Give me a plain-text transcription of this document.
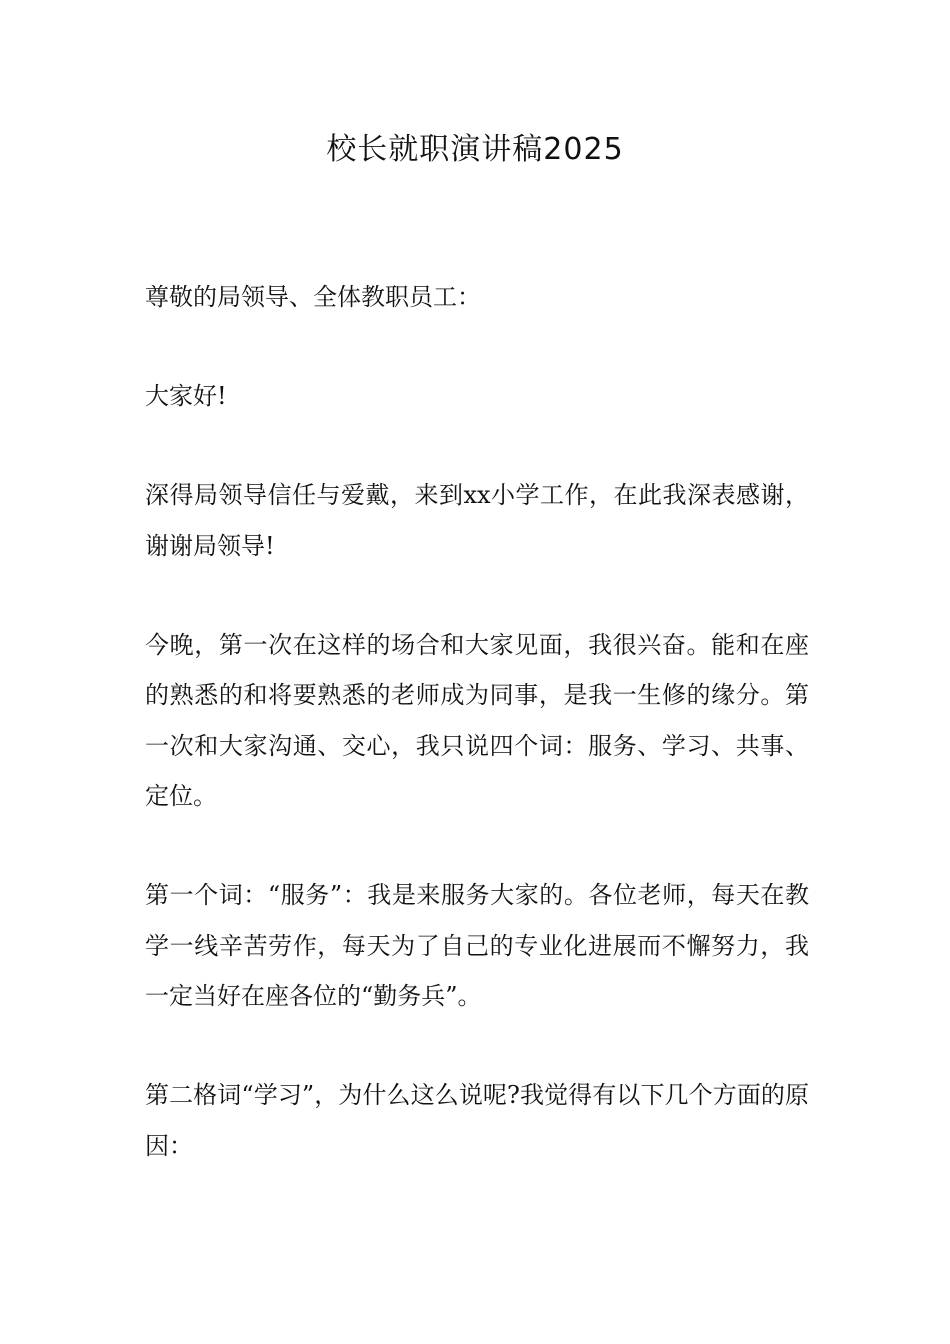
校长就职演讲稿2025

尊敬的局领导、全体教职员工：

大家好!

深得局领导信任与爱戴，来到xx小学工作，在此我深表感谢，谢谢局领导!

今晚，第一次在这样的场合和大家见面，我很兴奋。能和在座的熟悉的和将要熟悉的老师成为同事，是我一生修的缘分。第一次和大家沟通、交心，我只说四个词：服务、学习、共事、定位。

第一个词：“服务”：我是来服务大家的。各位老师，每天在教学一线辛苦劳作，每天为了自己的专业化进展而不懈努力，我一定当好在座各位的“勤务兵”。

第二格词“学习”，为什么这么说呢?我觉得有以下几个方面的原因：
